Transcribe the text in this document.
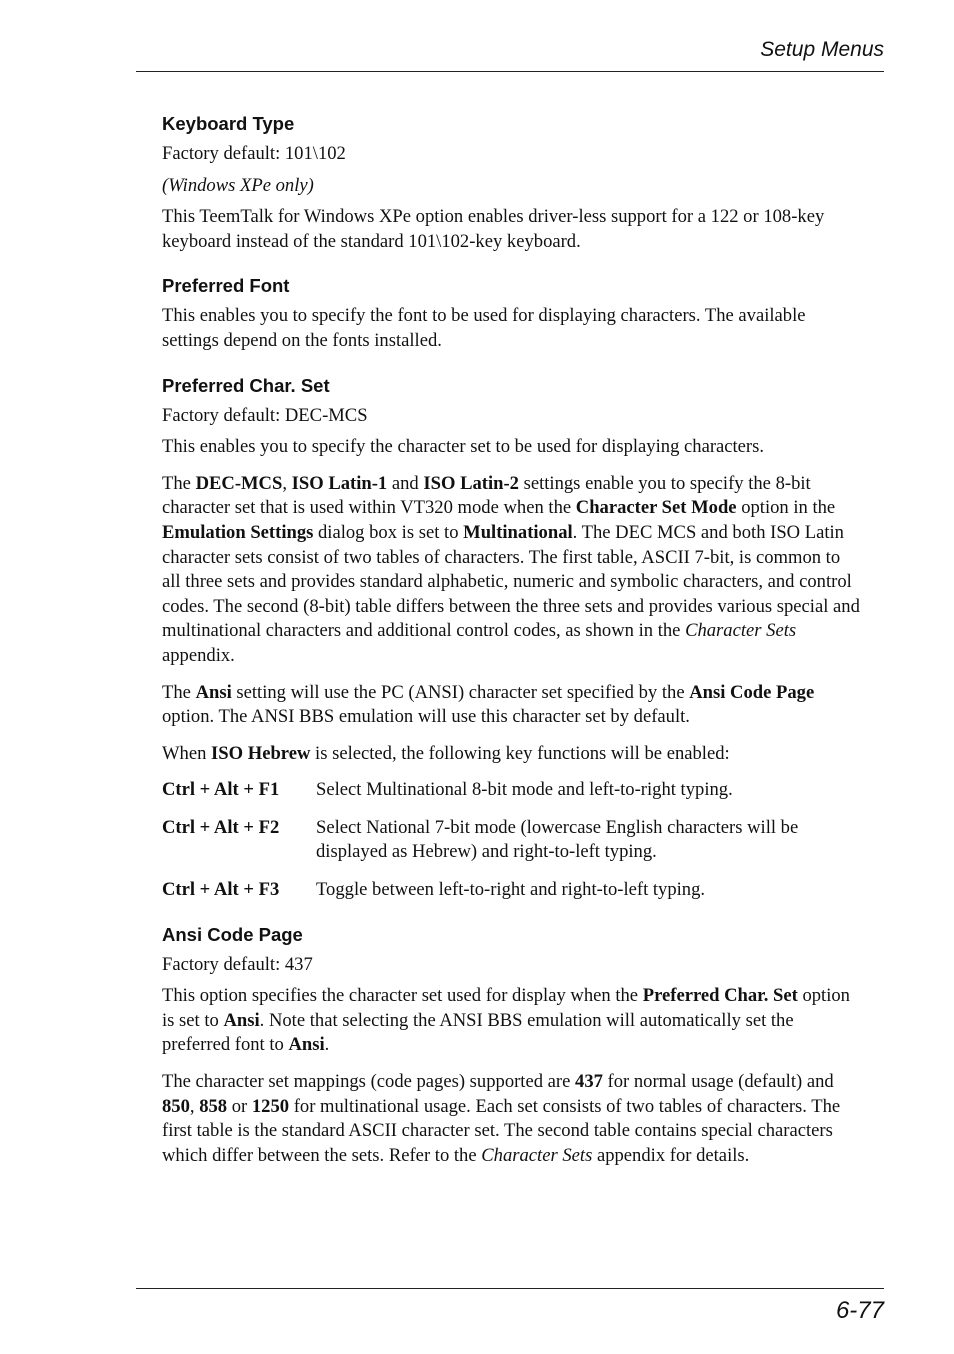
Setup Menus
Keyboard Type

Factory default: 101\102

(Windows XPe only)

This TeemTalk for Windows XPe option enables driver-less support for a 122 or 108-key keyboard instead of the standard 101\102-key keyboard.

Preferred Font

This enables you to specify the font to be used for displaying characters. The available settings depend on the fonts installed.

Preferred Char. Set

Factory default: DEC-MCS

This enables you to specify the character set to be used for displaying characters.

The DEC-MCS, ISO Latin-1 and ISO Latin-2 settings enable you to specify the 8-bit character set that is used within VT320 mode when the Character Set Mode option in the Emulation Settings dialog box is set to Multinational. The DEC MCS and both ISO Latin character sets consist of two tables of characters. The first table, ASCII 7-bit, is common to all three sets and provides standard alphabetic, numeric and symbolic characters, and control codes. The second (8-bit) table differs between the three sets and provides various special and multinational characters and additional control codes, as shown in the Character Sets appendix.

The Ansi setting will use the PC (ANSI) character set specified by the Ansi Code Page option. The ANSI BBS emulation will use this character set by default.

When ISO Hebrew is selected, the following key functions will be enabled:

Ctrl + Alt + F1	Select Multinational 8-bit mode and left-to-right typing.
Ctrl + Alt + F2	Select National 7-bit mode (lowercase English characters will be displayed as Hebrew) and right-to-left typing.
Ctrl + Alt + F3	Toggle between left-to-right and right-to-left typing.
Ansi Code Page

Factory default: 437

This option specifies the character set used for display when the Preferred Char. Set option is set to Ansi. Note that selecting the ANSI BBS emulation will automatically set the preferred font to Ansi.

The character set mappings (code pages) supported are 437 for normal usage (default) and 850, 858 or 1250 for multinational usage. Each set consists of two tables of characters. The first table is the standard ASCII character set. The second table contains special characters which differ between the sets. Refer to the Character Sets appendix for details.

6-77
